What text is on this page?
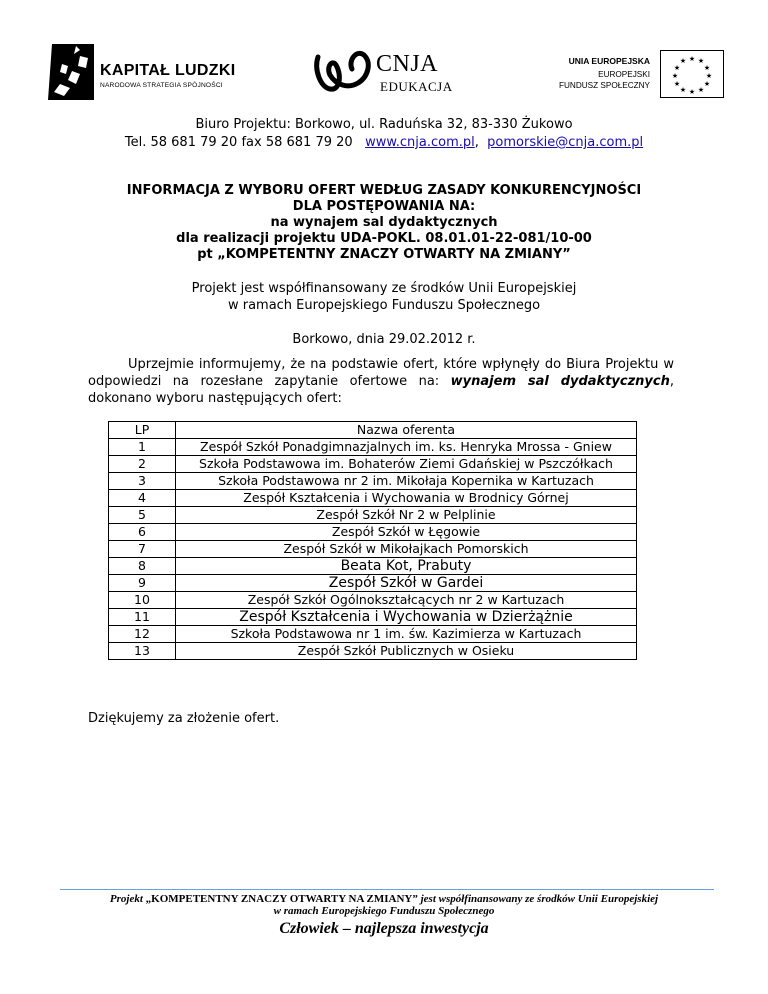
KAPITAŁ LUDZKI
NARODOWA STRATEGIA SPÓJNOŚCI
CNJA
EDUKACJA
UNIA EUROPEJSKA
EUROPEJSKI
FUNDUSZ SPOŁECZNY
★ ★
★
★
★
★
★
★
★
★
★
★
Biuro Projektu: Borkowo, ul. Raduńska 32, 83-330 Żukowo
Tel. 58 681 79 20 fax 58 681 79 20 www.cnja.com.pl,  pomorskie@cnja.com.pl
INFORMACJA Z WYBORU OFERT WEDŁUG ZASADY KONKURENCYJNOŚCI
DLA POSTĘPOWANIA NA:
na wynajem sal dydaktycznych
dla realizacji projektu UDA-POKL. 08.01.01-22-081/10-00
pt „KOMPETENTNY ZNACZY OTWARTY NA ZMIANY”
Projekt jest współfinansowany ze środków Unii Europejskiej
w ramach Europejskiego Funduszu Społecznego
Borkowo, dnia 29.02.2012 r.
Uprzejmie informujemy, że na podstawie ofert, które wpłynęły do Biura Projektu w odpowiedzi na rozesłane zapytanie ofertowe na: wynajem sal dydaktycznych, dokonano wyboru następujących ofert:
LP	Nazwa oferenta
1	Zespół Szkół Ponadgimnazjalnych im. ks. Henryka Mrossa - Gniew
2	Szkoła Podstawowa im. Bohaterów Ziemi Gdańskiej w Pszczółkach
3	Szkoła Podstawowa nr 2 im. Mikołaja Kopernika w Kartuzach
4	Zespół Kształcenia i Wychowania w Brodnicy Górnej
5	Zespół Szkół Nr 2 w Pelplinie
6	Zespół Szkół w Łęgowie
7	Zespół Szkół w Mikołajkach Pomorskich
8	Beata Kot, Prabuty
9	Zespół Szkół w Gardei
10	Zespół Szkół Ogólnokształcących nr 2 w Kartuzach
11	Zespół Kształcenia i Wychowania w Dzierżążnie
12	Szkoła Podstawowa nr 1 im. św. Kazimierza w Kartuzach
13	Zespół Szkół Publicznych w Osieku
Dziękujemy za złożenie ofert.
Projekt „KOMPETENTNY ZNACZY OTWARTY NA ZMIANY” jest współfinansowany ze środków Unii Europejskiej
w ramach Europejskiego Funduszu Społecznego
Człowiek – najlepsza inwestycja
